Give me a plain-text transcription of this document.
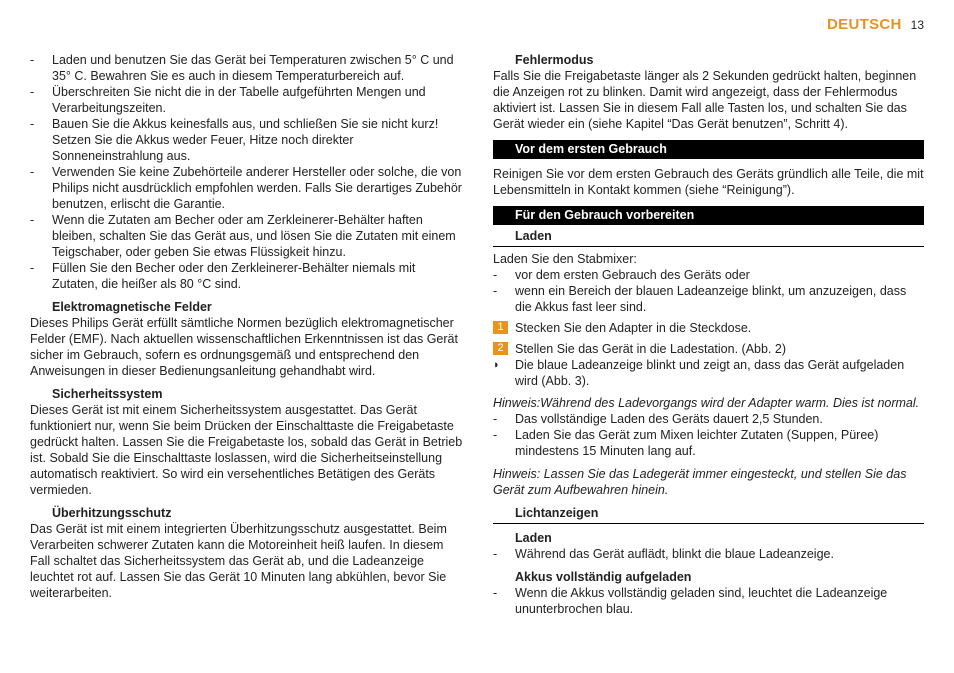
DEUTSCH 13
-	Laden und benutzen Sie das Gerät bei Temperaturen zwischen 5° C und 35° C. Bewahren Sie es auch in diesem Temperaturbereich auf.
-	Überschreiten Sie nicht die in der Tabelle aufgeführten Mengen und Verarbeitungszeiten.
-	Bauen Sie die Akkus keinesfalls aus, und schließen Sie sie nicht kurz! Setzen Sie die Akkus weder Feuer, Hitze noch direkter Sonneneinstrahlung aus.
-	Verwenden Sie keine Zubehörteile anderer Hersteller oder solche, die von Philips nicht ausdrücklich empfohlen werden. Falls Sie derartiges Zubehör benutzen, erlischt die Garantie.
-	Wenn die Zutaten am Becher oder am Zerkleinerer-Behälter haften bleiben, schalten Sie das Gerät aus, und lösen Sie die Zutaten mit einem Teigschaber, oder geben Sie etwas Flüssigkeit hinzu.
-	Füllen Sie den Becher oder den Zerkleinerer-Behälter niemals mit Zutaten, die heißer als 80 °C sind.
Elektromagnetische Felder

Dieses Philips Gerät erfüllt sämtliche Normen bezüglich elektromagnetischer Felder (EMF). Nach aktuellen wissenschaftlichen Erkenntnissen ist das Gerät sicher im Gebrauch, sofern es ordnungsgemäß und entsprechend den Anweisungen in dieser Bedienungsanleitung gehandhabt wird.

Sicherheitssystem

Dieses Gerät ist mit einem Sicherheitssystem ausgestattet. Das Gerät funktioniert nur, wenn Sie beim Drücken der Einschalttaste die Freigabetaste gedrückt halten. Lassen Sie die Freigabetaste los, sobald das Gerät in Betrieb ist. Sobald Sie die Einschalttaste loslassen, wird die Sicherheitseinstellung automatisch reaktiviert. So wird ein versehentliches Betätigen des Geräts vermieden.

Überhitzungsschutz

Das Gerät ist mit einem integrierten Überhitzungsschutz ausgestattet. Beim Verarbeiten schwerer Zutaten kann die Motoreinheit heiß laufen. In diesem Fall schaltet das Sicherheitssystem das Gerät ab, und die Ladeanzeige leuchtet rot auf. Lassen Sie das Gerät 10 Minuten lang abkühlen, bevor Sie weiterarbeiten.

Fehlermodus

Falls Sie die Freigabetaste länger als 2 Sekunden gedrückt halten, beginnen die Anzeigen rot zu blinken. Damit wird angezeigt, dass der Fehlermodus aktiviert ist. Lassen Sie in diesem Fall alle Tasten los, und schalten Sie das Gerät wieder ein (siehe Kapitel “Das Gerät benutzen”, Schritt 4).

Vor dem ersten Gebrauch

Reinigen Sie vor dem ersten Gebrauch des Geräts gründlich alle Teile, die mit Lebensmitteln in Kontakt kommen (siehe “Reinigung”).

Für den Gebrauch vorbereiten
Laden

Laden Sie den Stabmixer:

-	vor dem ersten Gebrauch des Geräts oder
-	wenn ein Bereich der blauen Ladeanzeige blinkt, um anzuzeigen, dass die Akkus fast leer sind.
1 Stecken Sie den Adapter in die Steckdose.
2 Stellen Sie das Gerät in die Ladestation. (Abb. 2)
◗	Die blaue Ladeanzeige blinkt und zeigt an, dass das Gerät aufgeladen wird (Abb. 3).

Hinweis:Während des Ladevorgangs wird der Adapter warm. Dies ist normal.

-	Das vollständige Laden des Geräts dauert 2,5 Stunden.
-	Laden Sie das Gerät zum Mixen leichter Zutaten (Suppen, Püree) mindestens 15 Minuten lang auf.

Hinweis: Lassen Sie das Ladegerät immer eingesteckt, und stellen Sie das Gerät zum Aufbewahren hinein.

Lichtanzeigen
Laden
-	Während das Gerät auflädt, blinkt die blaue Ladeanzeige.
Akkus vollständig aufgeladen
-	Wenn die Akkus vollständig geladen sind, leuchtet die Ladeanzeige ununterbrochen blau.
